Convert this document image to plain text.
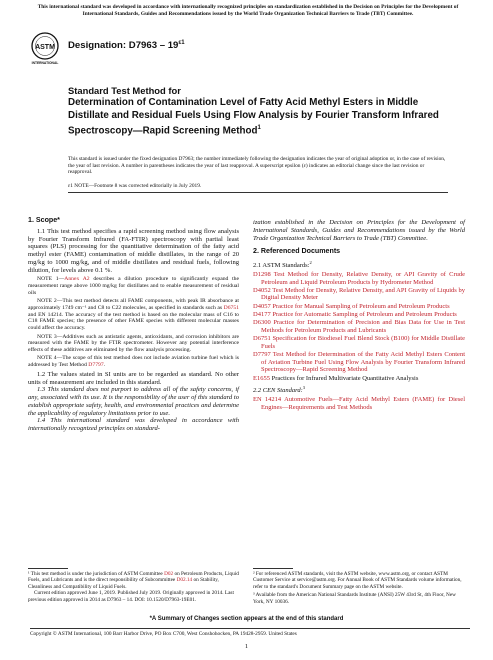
This international standard was developed in accordance with internationally recognized principles on standardization established in the Decision on Principles for the Development of International Standards, Guides and Recommendations issued by the World Trade Organization Technical Barriers to Trade (TBT) Committee.
ASTM
INTERNATIONAL
Designation: $D7963 - 19^{\varepsilon 1}$
Standard Test Method for
Determination of Contamination Level of Fatty Acid Methyl Esters in Middle Distillate and Residual Fuels Using Flow Analysis by Fourier Transform Infrared Spectroscopy—Rapid Screening Method$^1$
This standard is issued under the fixed designation D7963; the number immediately following the designation indicates the year of original adoption or, in the case of revision, the year of last revision. A number in parentheses indicates the year of last reapproval. A superscript epsilon (ε) indicates an editorial change since the last revision or reapproval.
ε1 NOTE—Footnote 8 was corrected editorially in July 2019.
1. Scope*

1.1 This test method specifies a rapid screening method using flow analysis by Fourier Transform Infrared (FA-FTIR) spectroscopy with partial least squares (PLS) processing for the quantitative determination of the fatty acid methyl ester (FAME) contamination of middle distillates, in the range of 20 mg/kg to 1000 mg/kg, and of middle distillates and residual fuels, following dilution, for levels above 0.1 %.

NOTE 1—Annex A2 describes a dilution procedure to significantly expand the measurement range above 1000 mg/kg for distillates and to enable measurement of residual oils

NOTE 2—This test method detects all FAME components, with peak IR absorbance at approximately 1749 cm⁻¹ and C8 to C22 molecules, as specified in standards such as D6751 and EN 14214. The accuracy of the test method is based on the molecular mass of C16 to C18 FAME species; the presence of other FAME species with different molecular masses could affect the accuracy.

NOTE 3—Additives such as antistatic agents, antioxidants, and corrosion inhibitors are measured with the FAME by the FTIR spectrometer. However any potential interference effects of these additives are eliminated by the flow analysis processing.

NOTE 4—The scope of this test method does not include aviation turbine fuel which is addressed by Test Method D7797.

1.2 The values stated in SI units are to be regarded as standard. No other units of measurement are included in this standard.

1.3 This standard does not purport to address all of the safety concerns, if any, associated with its use. It is the responsibility of the user of this standard to establish appropriate safety, health, and environmental practices and determine the applicability of regulatory limitations prior to use.

1.4 This international standard was developed in accordance with internationally recognized principles on standard-

ization established in the Decision on Principles for the Development of International Standards, Guides and Recommendations issued by the World Trade Organization Technical Barriers to Trade (TBT) Committee.

2. Referenced Documents
2.1 ASTM Standards:$^2$
D1298 Test Method for Density, Relative Density, or API Gravity of Crude Petroleum and Liquid Petroleum Products by Hydrometer Method
D4052 Test Method for Density, Relative Density, and API Gravity of Liquids by Digital Density Meter
D4057 Practice for Manual Sampling of Petroleum and Petroleum Products
D4177 Practice for Automatic Sampling of Petroleum and Petroleum Products
D6300 Practice for Determination of Precision and Bias Data for Use in Test Methods for Petroleum Products and Lubricants
D6751 Specification for Biodiesel Fuel Blend Stock (B100) for Middle Distillate Fuels
D7797 Test Method for Determination of the Fatty Acid Methyl Esters Content of Aviation Turbine Fuel Using Flow Analysis by Fourier Transform Infrared Spectroscopy—Rapid Screening Method
E1655 Practices for Infrared Multivariate Quantitative Analysis
2.2 CEN Standard:$^3$
EN 14214 Automotive Fuels—Fatty Acid Methyl Esters (FAME) for Diesel Engines—Requirements and Test Methods
¹ This test method is under the jurisdiction of ASTM Committee D02 on Petroleum Products, Liquid Fuels, and Lubricants and is the direct responsibility of Subcommittee D02.14 on Stability, Cleanliness and Compatibility of Liquid Fuels.
Current edition approved June 1, 2019. Published July 2019. Originally approved in 2014. Last previous edition approved in 2014 as D7963 – 14. DOI: 10.1520/D7963-19E01.
² For referenced ASTM standards, visit the ASTM website, www.astm.org, or contact ASTM Customer Service at service@astm.org. For Annual Book of ASTM Standards volume information, refer to the standard's Document Summary page on the ASTM website.
³ Available from the American National Standards Institute (ANSI) 25W 43rd St, 4th Floor, New York, NY 10036.
*A Summary of Changes section appears at the end of this standard
Copyright © ASTM International, 100 Barr Harbor Drive, PO Box C700, West Conshohocken, PA 19428-2959. United States
1
